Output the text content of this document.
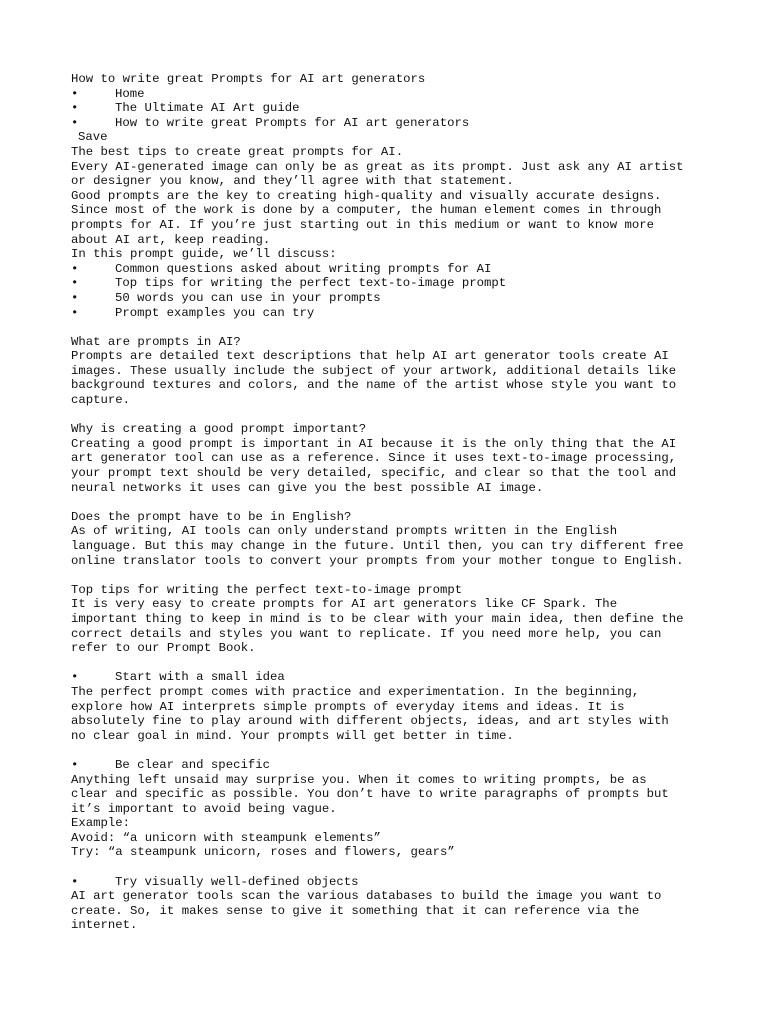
How to write great Prompts for AI art generators
•	Home
•	The Ultimate AI Art guide
•	How to write great Prompts for AI art generators
Save
The best tips to create great prompts for AI.
Every AI-generated image can only be as great as its prompt. Just ask any AI artist
or designer you know, and they’ll agree with that statement.
Good prompts are the key to creating high-quality and visually accurate designs.
Since most of the work is done by a computer, the human element comes in through
prompts for AI. If you’re just starting out in this medium or want to know more
about AI art, keep reading.
In this prompt guide, we’ll discuss:
•	Common questions asked about writing prompts for AI
•	Top tips for writing the perfect text-to-image prompt
•	50 words you can use in your prompts
•	Prompt examples you can try
What are prompts in AI?
Prompts are detailed text descriptions that help AI art generator tools create AI
images. These usually include the subject of your artwork, additional details like
background textures and colors, and the name of the artist whose style you want to
capture.
Why is creating a good prompt important?
Creating a good prompt is important in AI because it is the only thing that the AI
art generator tool can use as a reference. Since it uses text-to-image processing,
your prompt text should be very detailed, specific, and clear so that the tool and
neural networks it uses can give you the best possible AI image.
Does the prompt have to be in English?
As of writing, AI tools can only understand prompts written in the English
language. But this may change in the future. Until then, you can try different free
online translator tools to convert your prompts from your mother tongue to English.
Top tips for writing the perfect text-to-image prompt
It is very easy to create prompts for AI art generators like CF Spark. The
important thing to keep in mind is to be clear with your main idea, then define the
correct details and styles you want to replicate. If you need more help, you can
refer to our Prompt Book.
•	Start with a small idea
The perfect prompt comes with practice and experimentation. In the beginning,
explore how AI interprets simple prompts of everyday items and ideas. It is
absolutely fine to play around with different objects, ideas, and art styles with
no clear goal in mind. Your prompts will get better in time.
•	Be clear and specific
Anything left unsaid may surprise you. When it comes to writing prompts, be as
clear and specific as possible. You don’t have to write paragraphs of prompts but
it’s important to avoid being vague.
Example:
Avoid: “a unicorn with steampunk elements”
Try: “a steampunk unicorn, roses and flowers, gears”
•	Try visually well-defined objects
AI art generator tools scan the various databases to build the image you want to
create. So, it makes sense to give it something that it can reference via the
internet.
